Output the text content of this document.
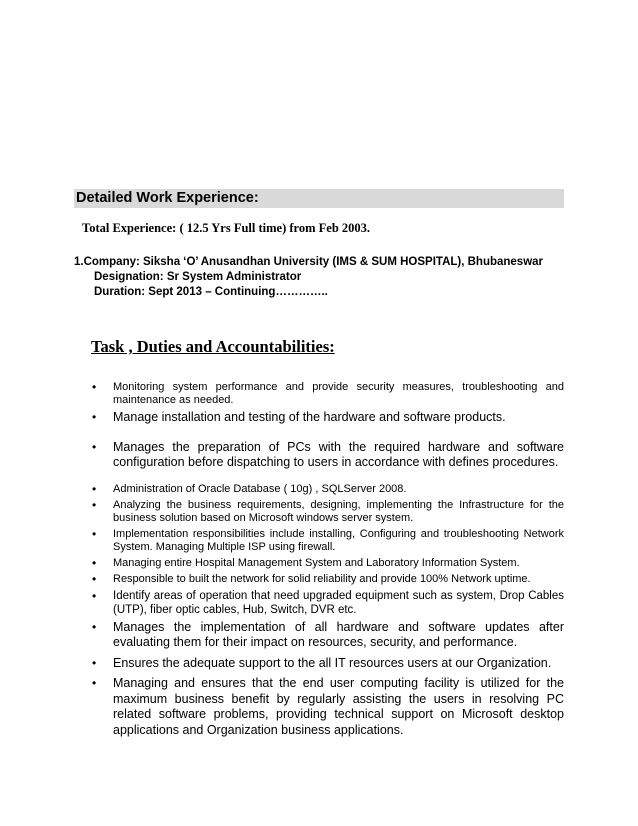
Detailed Work Experience:
Total Experience: ( 12.5 Yrs Full time) from Feb 2003.
1.Company: Siksha ‘O’ Anusandhan University (IMS & SUM HOSPITAL), Bhubaneswar
Designation: Sr System Administrator
Duration: Sept 2013 – Continuing…………..
Task , Duties and Accountabilities:
• Monitoring system performance and provide security measures, troubleshooting and maintenance as needed.
• Manage installation and testing of the hardware and software products.
• Manages the preparation of PCs with the required hardware and software configuration before dispatching to users in accordance with defines procedures.
• Administration of Oracle Database ( 10g) , SQLServer 2008.
• Analyzing the business requirements, designing, implementing the Infrastructure for the business solution based on Microsoft windows server system.
• Implementation responsibilities include installing, Configuring and troubleshooting Network System. Managing Multiple ISP using firewall.
• Managing entire Hospital Management System and Laboratory Information System.
• Responsible to built the network for solid reliability and provide 100% Network uptime.
• Identify areas of operation that need upgraded equipment such as system, Drop Cables (UTP), fiber optic cables, Hub, Switch, DVR etc.
• Manages the implementation of all hardware and software updates after evaluating them for their impact on resources, security, and performance.
• Ensures the adequate support to the all IT resources users at our Organization.
• Managing and ensures that the end user computing facility is utilized for the maximum business benefit by regularly assisting the users in resolving PC related software problems, providing technical support on Microsoft desktop applications and Organization business applications.
